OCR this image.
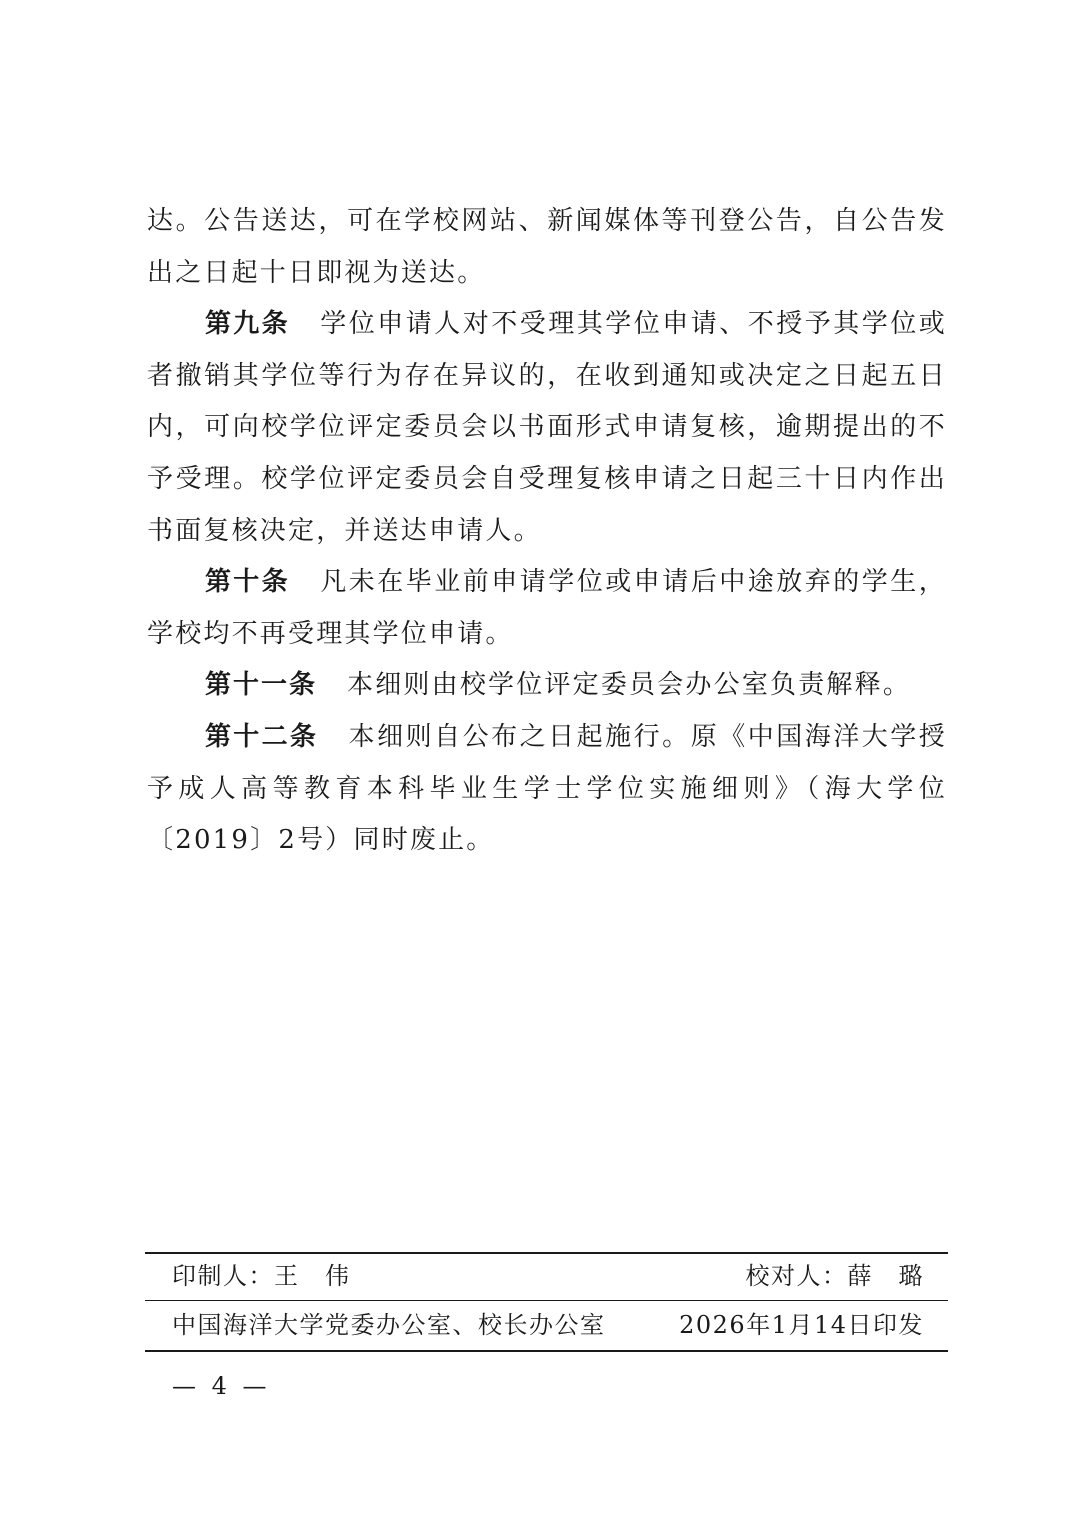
达。公告送达，可在学校网站、新闻媒体等刊登公告，自公告发出之日起十日即视为送达。

第九条 学位申请人对不受理其学位申请、不授予其学位或者撤销其学位等行为存在异议的，在收到通知或决定之日起五日内，可向校学位评定委员会以书面形式申请复核，逾期提出的不予受理。校学位评定委员会自受理复核申请之日起三十日内作出书面复核决定，并送达申请人。

第十条 凡未在毕业前申请学位或申请后中途放弃的学生，学校均不再受理其学位申请。

第十一条 本细则由校学位评定委员会办公室负责解释。

第十二条 本细则自公布之日起施行。原《中国海洋大学授予成人高等教育本科毕业生学士学位实施细则》（海大学位〔2019〕2号）同时废止。

印制人：王　伟	校对人：薛　璐
中国海洋大学党委办公室、校长办公室	2026年1月14日印发
— 4 —
